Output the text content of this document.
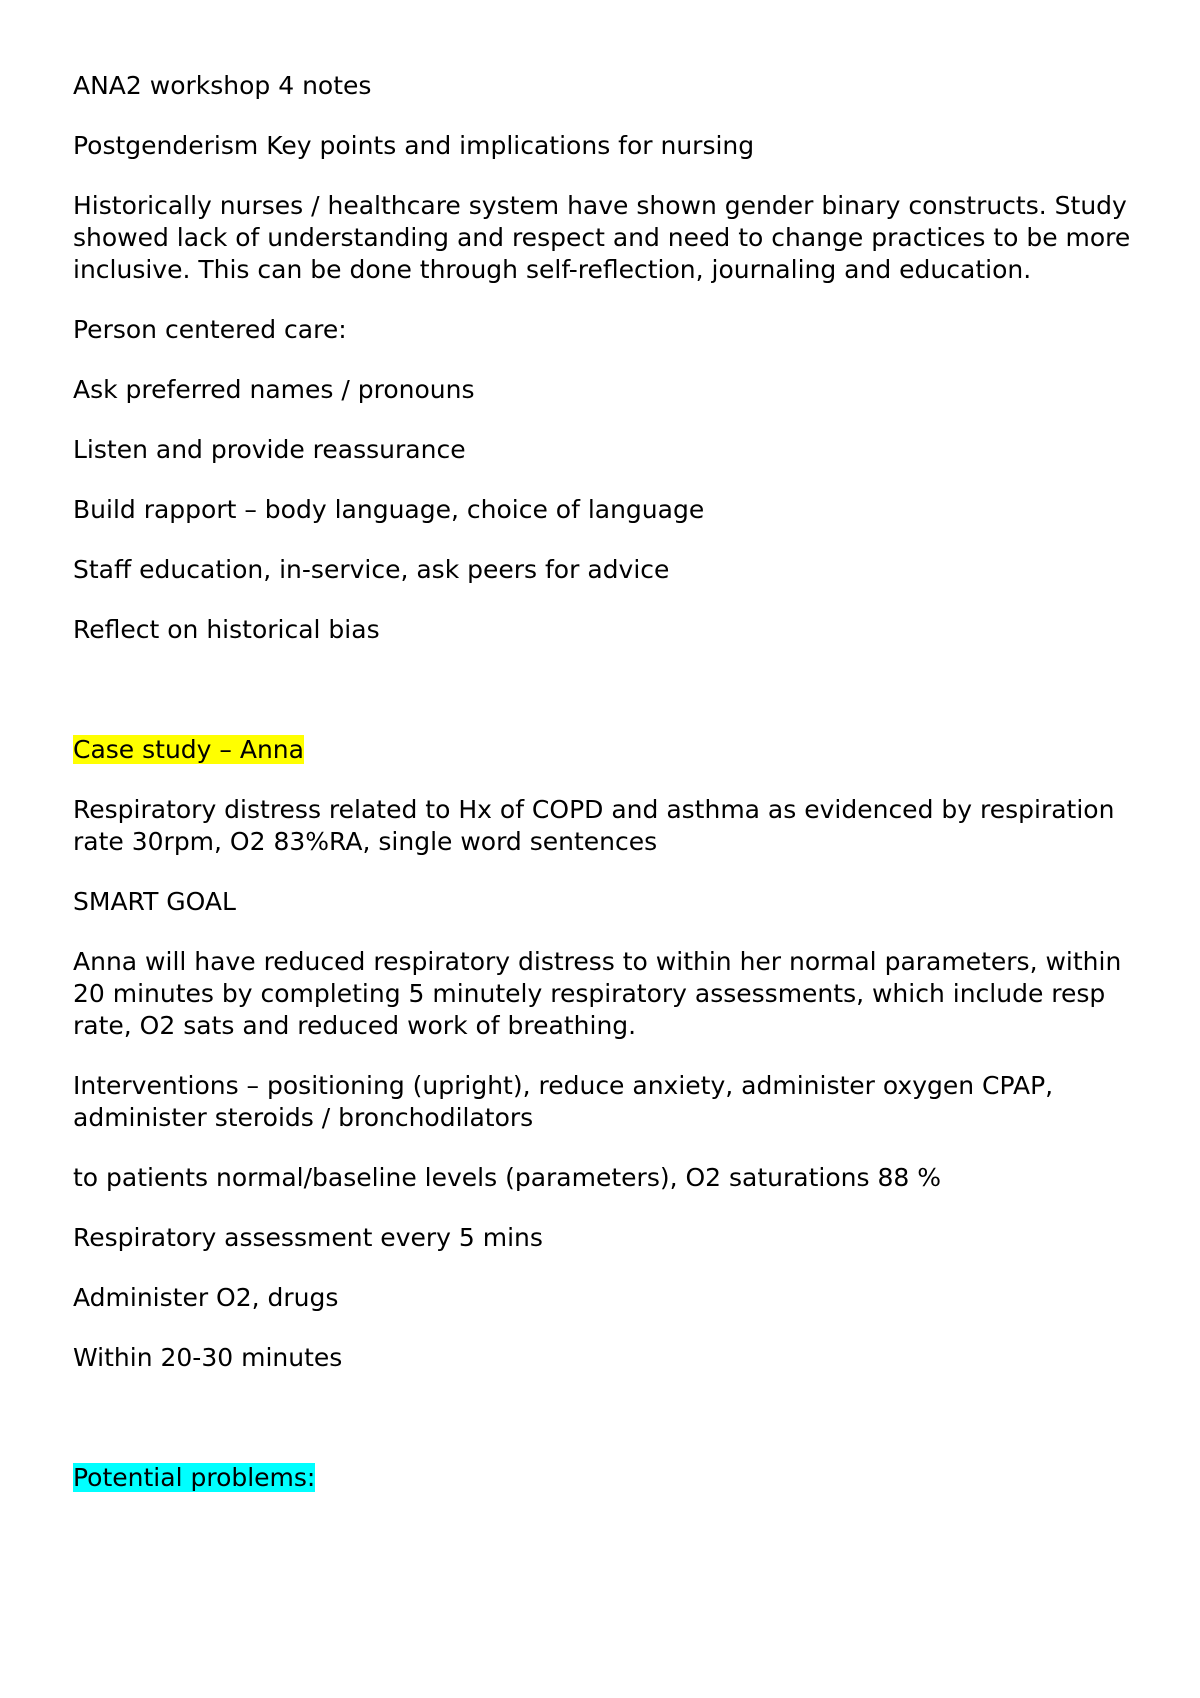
ANA2 workshop 4 notes

Postgenderism Key points and implications for nursing

Historically nurses / healthcare system have shown gender binary constructs. Study showed lack of understanding and respect and need to change practices to be more inclusive. This can be done through self-reflection, journaling and education.

Person centered care:

Ask preferred names / pronouns

Listen and provide reassurance

Build rapport – body language, choice of language

Staff education, in-service, ask peers for advice

Reflect on historical bias

Case study – Anna

Respiratory distress related to Hx of COPD and asthma as evidenced by respiration rate 30rpm, O2 83%RA, single word sentences

SMART GOAL

Anna will have reduced respiratory distress to within her normal parameters, within 20 minutes by completing 5 minutely respiratory assessments, which include resp rate, O2 sats and reduced work of breathing.

Interventions – positioning (upright), reduce anxiety, administer oxygen CPAP, administer steroids / bronchodilators

to patients normal/baseline levels (parameters), O2 saturations 88 %

Respiratory assessment every 5 mins

Administer O2, drugs

Within 20-30 minutes

Potential problems:
